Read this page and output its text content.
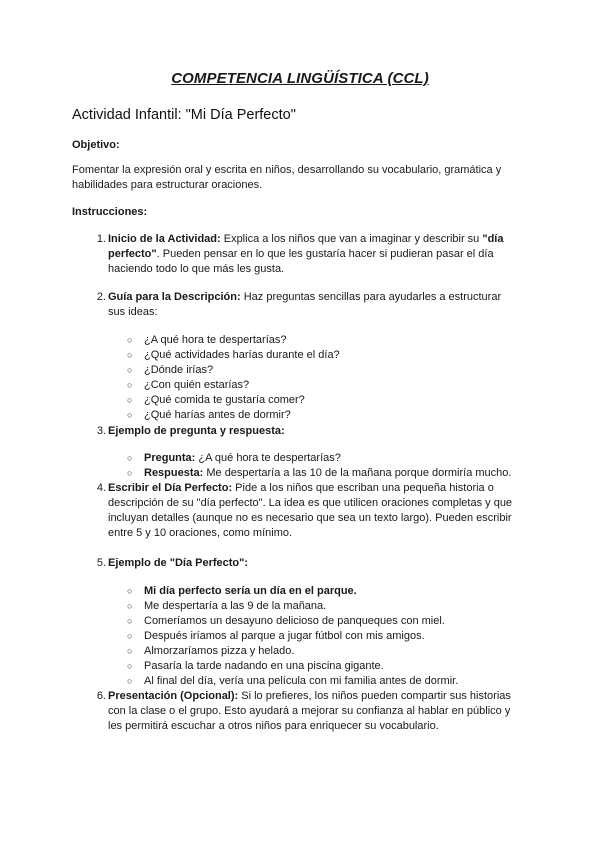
COMPETENCIA LINGÜÍSTICA (CCL)
Actividad Infantil: "Mi Día Perfecto"
Objetivo:
Fomentar la expresión oral y escrita en niños, desarrollando su vocabulario, gramática y habilidades para estructurar oraciones.
Instrucciones:
1. Inicio de la Actividad: Explica a los niños que van a imaginar y describir su "día perfecto". Pueden pensar en lo que les gustaría hacer si pudieran pasar el día haciendo todo lo que más les gusta.
2. Guía para la Descripción: Haz preguntas sencillas para ayudarles a estructurar sus ideas:
○ ¿A qué hora te despertarías?
○ ¿Qué actividades harías durante el día?
○ ¿Dónde irías?
○ ¿Con quién estarías?
○ ¿Qué comida te gustaría comer?
○ ¿Qué harías antes de dormir?
3. Ejemplo de pregunta y respuesta:
○ Pregunta: ¿A qué hora te despertarías?
○ Respuesta: Me despertaría a las 10 de la mañana porque dormiría mucho.
4. Escribir el Día Perfecto: Pide a los niños que escriban una pequeña historia o descripción de su "día perfecto". La idea es que utilicen oraciones completas y que incluyan detalles (aunque no es necesario que sea un texto largo). Pueden escribir entre 5 y 10 oraciones, como mínimo.
5. Ejemplo de "Día Perfecto":
○ Mi día perfecto sería un día en el parque.
○ Me despertaría a las 9 de la mañana.
○ Comeríamos un desayuno delicioso de panqueques con miel.
○ Después iríamos al parque a jugar fútbol con mis amigos.
○ Almorzaríamos pizza y helado.
○ Pasaría la tarde nadando en una piscina gigante.
○ Al final del día, vería una película con mi familia antes de dormir.
6. Presentación (Opcional): Si lo prefieres, los niños pueden compartir sus historias con la clase o el grupo. Esto ayudará a mejorar su confianza al hablar en público y les permitirá escuchar a otros niños para enriquecer su vocabulario.
